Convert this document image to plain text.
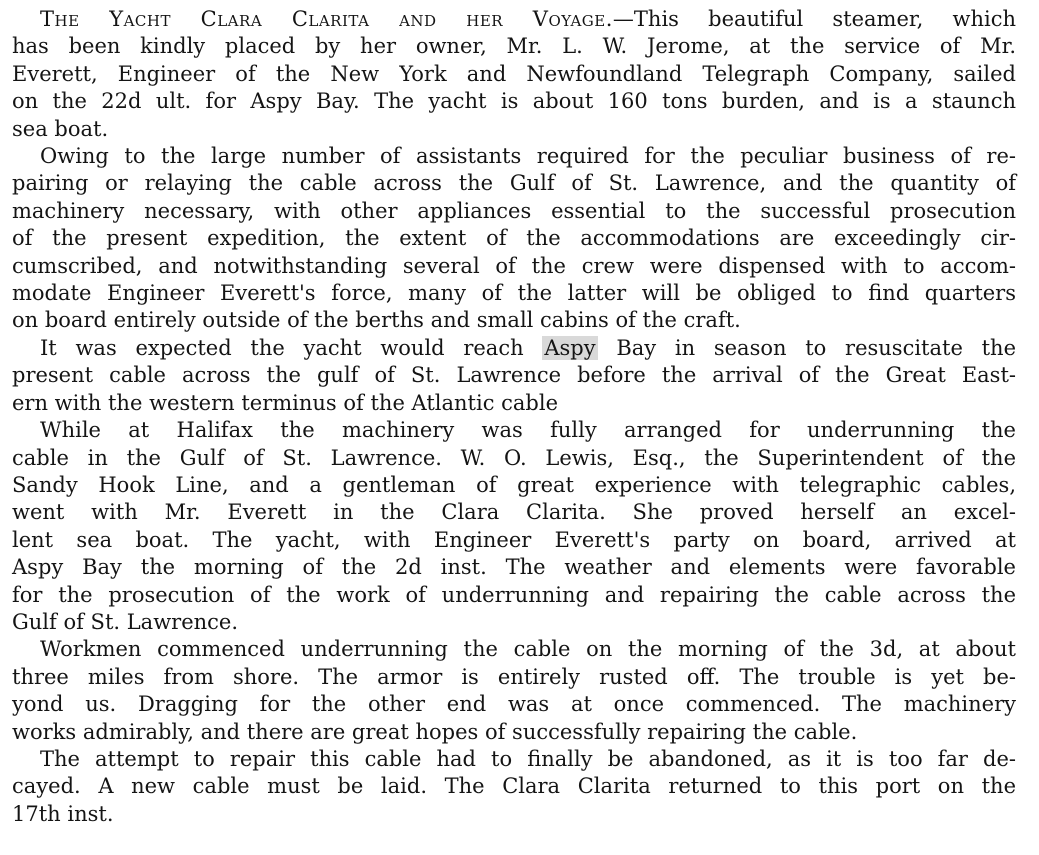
The Yacht Clara Clarita and her Voyage.—This beautiful steamer, which
has been kindly placed by her owner, Mr. L. W. Jerome, at the service of Mr.
Everett, Engineer of the New York and Newfoundland Telegraph Company, sailed
on the 22d ult. for Aspy Bay. The yacht is about 160 tons burden, and is a staunch
sea boat.
Owing to the large number of assistants required for the peculiar business of re-
pairing or relaying the cable across the Gulf of St. Lawrence, and the quantity of
machinery necessary, with other appliances essential to the successful prosecution
of the present expedition, the extent of the accommodations are exceedingly cir-
cumscribed, and notwithstanding several of the crew were dispensed with to accom-
modate Engineer Everett's force, many of the latter will be obliged to find quarters
on board entirely outside of the berths and small cabins of the craft.
It was expected the yacht would reach Aspy Bay in season to resuscitate the
present cable across the gulf of St. Lawrence before the arrival of the Great East-
ern with the western terminus of the Atlantic cable
While at Halifax the machinery was fully arranged for underrunning the
cable in the Gulf of St. Lawrence. W. O. Lewis, Esq., the Superintendent of the
Sandy Hook Line, and a gentleman of great experience with telegraphic cables,
went with Mr. Everett in the Clara Clarita. She proved herself an excel-
lent sea boat. The yacht, with Engineer Everett's party on board, arrived at
Aspy Bay the morning of the 2d inst. The weather and elements were favorable
for the prosecution of the work of underrunning and repairing the cable across the
Gulf of St. Lawrence.
Workmen commenced underrunning the cable on the morning of the 3d, at about
three miles from shore. The armor is entirely rusted off. The trouble is yet be-
yond us. Dragging for the other end was at once commenced. The machinery
works admirably, and there are great hopes of successfully repairing the cable.
The attempt to repair this cable had to finally be abandoned, as it is too far de-
cayed. A new cable must be laid. The Clara Clarita returned to this port on the
17th inst.
